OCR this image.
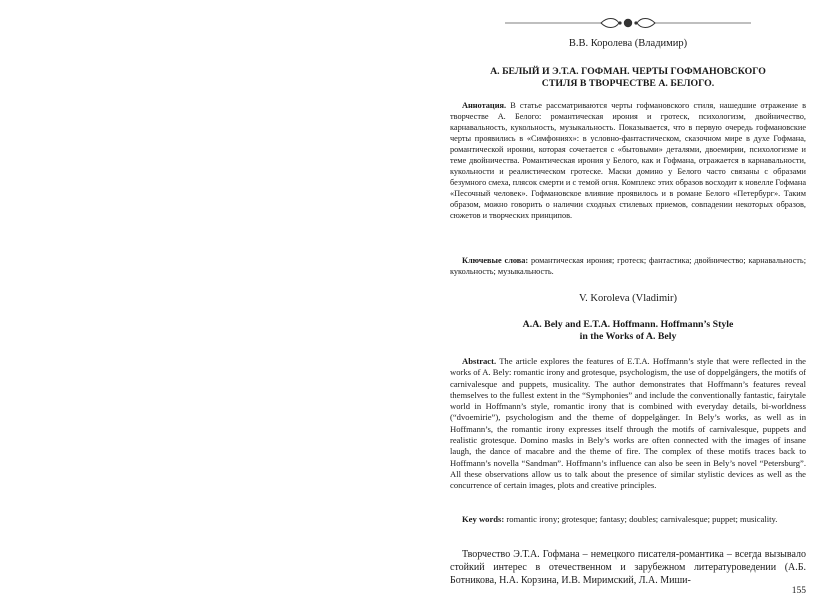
В.В. Королева (Владимир)
А. БЕЛЫЙ И Э.Т.А. ГОФМАН. ЧЕРТЫ ГОФМАНОВСКОГО
СТИЛЯ В ТВОРЧЕСТВЕ А. БЕЛОГО.

Аннотация. В статье рассматриваются черты гофмановского стиля, нашедшие отражение в творчестве А. Белого: романтическая ирония и гротеск, психологизм, двойничество, карнавальность, кукольность, музыкальность. Показывается, что в первую очередь гофмановские черты проявились в «Симфониях»: в условно-фантастическом, сказочном мире в духе Гофмана, романтической иронии, которая сочетается с «бытовыми» деталями, двоемирии, психологизме и теме двойничества. Романтическая ирония у Белого, как и Гофмана, отражается в карнавальности, кукольности и реалистическом гротеске. Маски домино у Белого часто связаны с образами безумного смеха, плясок смерти и с темой огня. Комплекс этих образов восходит к новелле Гофмана «Песочный человек». Гофмановское влияние проявилось и в романе Белого «Петербург». Таким образом, можно говорить о наличии сходных стилевых приемов, совпадении некоторых образов, сюжетов и творческих принципов.

Ключевые слова: романтическая ирония; гротеск; фантастика; двойничество; карнавальность; кукольность; музыкальность.

V. Koroleva (Vladimir)
A.A. Bely and E.T.A. Hoffmann. Hoffmann’s Style
in the Works of A. Bely

Abstract. The article explores the features of E.T.A. Hoffmann’s style that were reflected in the works of A. Bely: romantic irony and grotesque, psychologism, the use of doppelgängers, the motifs of carnivalesque and puppets, musicality. The author demonstrates that Hoffmann’s features reveal themselves to the fullest extent in the “Symphonies” and include the conventionally fantastic, fairytale world in Hoffmann’s style, romantic irony that is combined with everyday details, bi-worldness (“dvoemirie”), psychologism and the theme of doppelgänger. In Bely’s works, as well as in Hoffmann’s, the romantic irony expresses itself through the motifs of carnivalesque, puppets and realistic grotesque. Domino masks in Bely’s works are often connected with the images of insane laugh, the dance of macabre and the theme of fire. The complex of these motifs traces back to Hoffmann’s novella “Sandman”. Hoffmann’s influence can also be seen in Bely’s novel “Petersburg”. All these observations allow us to talk about the presence of similar stylistic devices as well as the concurrence of certain images, plots and creative principles.

Key words: romantic irony; grotesque; fantasy; doubles; carnivalesque; puppet; musicality.

Творчество Э.Т.А. Гофмана – немецкого писателя-романтика – всегда вызывало стойкий интерес в отечественном и зарубежном литературоведении (А.Б. Ботникова, Н.А. Корзина, И.В. Миримский, Л.А. Миши-

155
